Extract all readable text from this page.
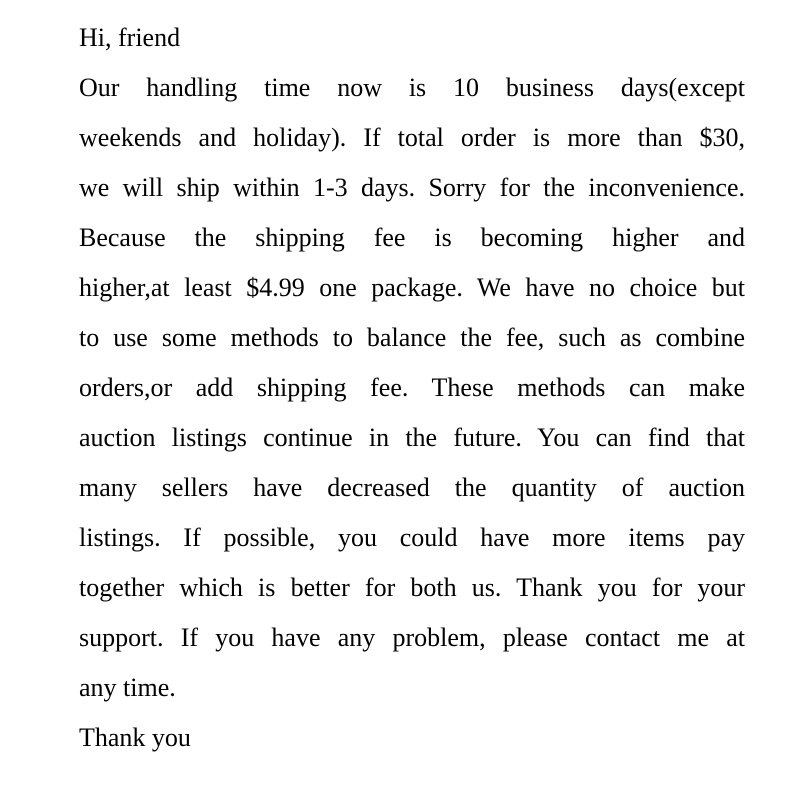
Hi, friend
Our handling time now is 10 business days(except
weekends and holiday). If total order is more than $30,
we will ship within 1-3 days. Sorry for the inconvenience.
Because the shipping fee is becoming higher and
higher,at least $4.99 one package. We have no choice but
to use some methods to balance the fee, such as combine
orders,or add shipping fee. These methods can make
auction listings continue in the future. You can find that
many sellers have decreased the quantity of auction
listings. If possible, you could have more items pay
together which is better for both us. Thank you for your
support. If you have any problem, please contact me at
any time.
Thank you
